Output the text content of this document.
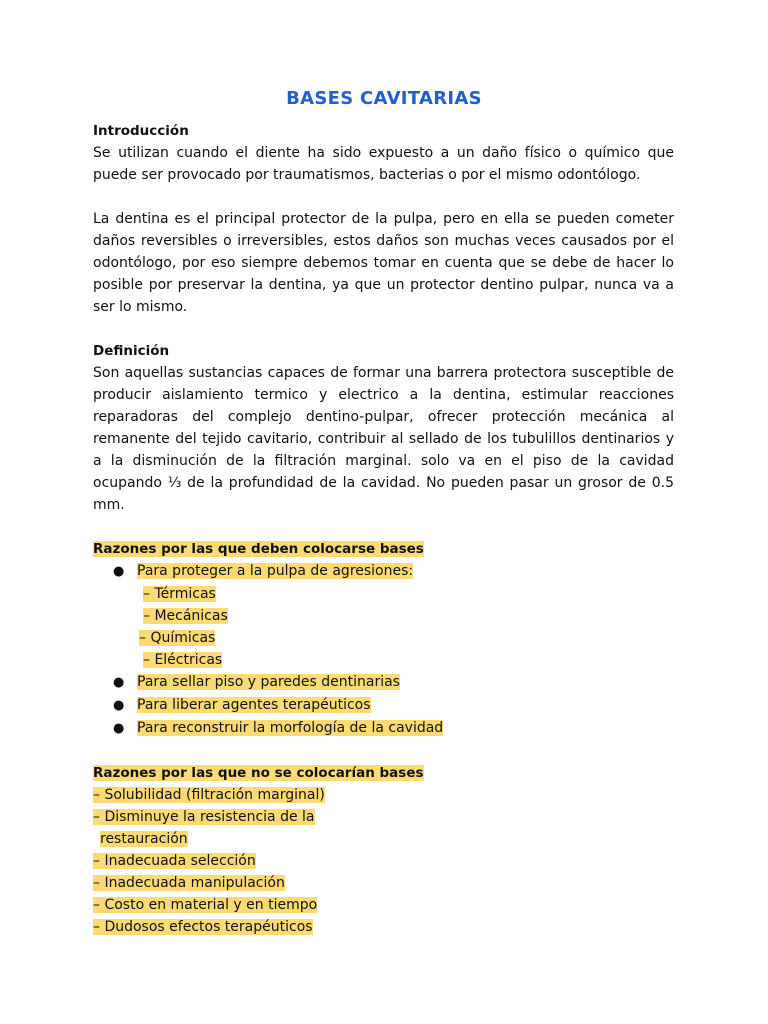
BASES CAVITARIAS

Introducción

Se utilizan cuando el diente ha sido expuesto a un daño físico o químico que puede ser provocado por traumatismos, bacterias o por el mismo odontólogo.

La dentina es el principal protector de la pulpa, pero en ella se pueden cometer daños reversibles o irreversibles, estos daños son muchas veces causados por el odontólogo, por eso siempre debemos tomar en cuenta que se debe de hacer lo posible por preservar la dentina, ya que un protector dentino pulpar, nunca va a ser lo mismo.

Definición

Son aquellas sustancias capaces de formar una barrera protectora susceptible de producir aislamiento termico y electrico a la dentina, estimular reacciones reparadoras del complejo dentino-pulpar, ofrecer protección mecánica al remanente del tejido cavitario, contribuir al sellado de los tubulillos dentinarios y a la disminución de la filtración marginal. solo va en el piso de la cavidad ocupando ⅓ de la profundidad de la cavidad. No pueden pasar un grosor de 0.5 mm.

Razones por las que deben colocarse bases

● Para proteger a la pulpa de agresiones:
– Térmicas
– Mecánicas
– Químicas
– Eléctricas
● Para sellar piso y paredes dentinarias
● Para liberar agentes terapéuticos
● Para reconstruir la morfología de la cavidad

Razones por las que no se colocarían bases

– Solubilidad (filtración marginal)
– Disminuye la resistencia de la
restauración
– Inadecuada selección
– Inadecuada manipulación
– Costo en material y en tiempo
– Dudosos efectos terapéuticos
